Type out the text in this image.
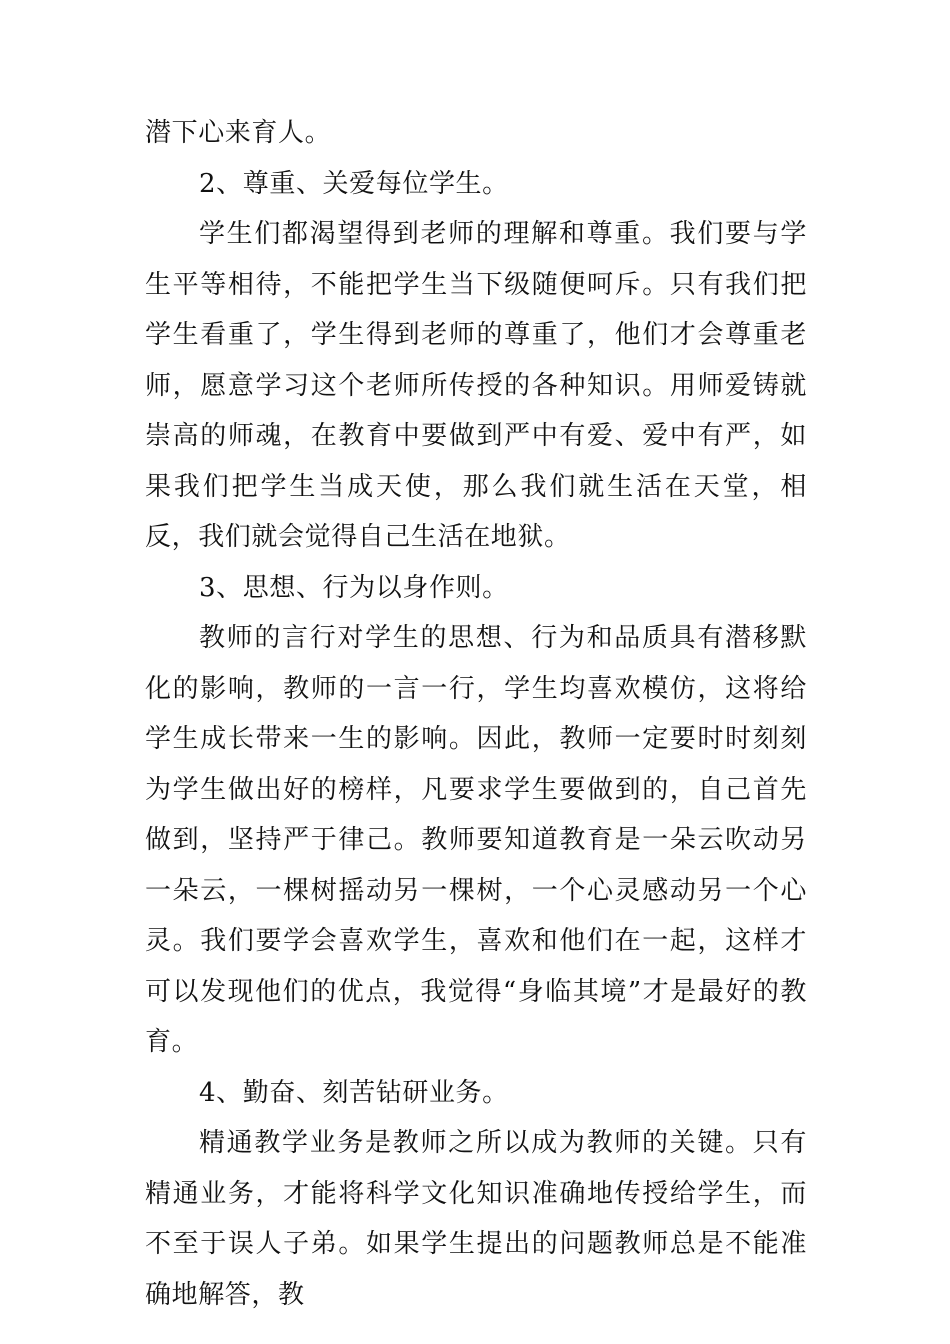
潜下心来育人。

2、尊重、关爱每位学生。

学生们都渴望得到老师的理解和尊重。我们要与学生平等相待，不能把学生当下级随便呵斥。只有我们把学生看重了，学生得到老师的尊重了，他们才会尊重老师，愿意学习这个老师所传授的各种知识。用师爱铸就崇高的师魂，在教育中要做到严中有爱、爱中有严，如果我们把学生当成天使，那么我们就生活在天堂，相反，我们就会觉得自己生活在地狱。

3、思想、行为以身作则。

教师的言行对学生的思想、行为和品质具有潜移默化的影响，教师的一言一行，学生均喜欢模仿，这将给学生成长带来一生的影响。因此，教师一定要时时刻刻为学生做出好的榜样，凡要求学生要做到的，自己首先做到，坚持严于律己。教师要知道教育是一朵云吹动另一朵云，一棵树摇动另一棵树，一个心灵感动另一个心灵。我们要学会喜欢学生，喜欢和他们在一起，这样才可以发现他们的优点，我觉得“身临其境”才是最好的教育。

4、勤奋、刻苦钻研业务。

精通教学业务是教师之所以成为教师的关键。只有精通业务，才能将科学文化知识准确地传授给学生，而不至于误人子弟。如果学生提出的问题教师总是不能准确地解答，教
